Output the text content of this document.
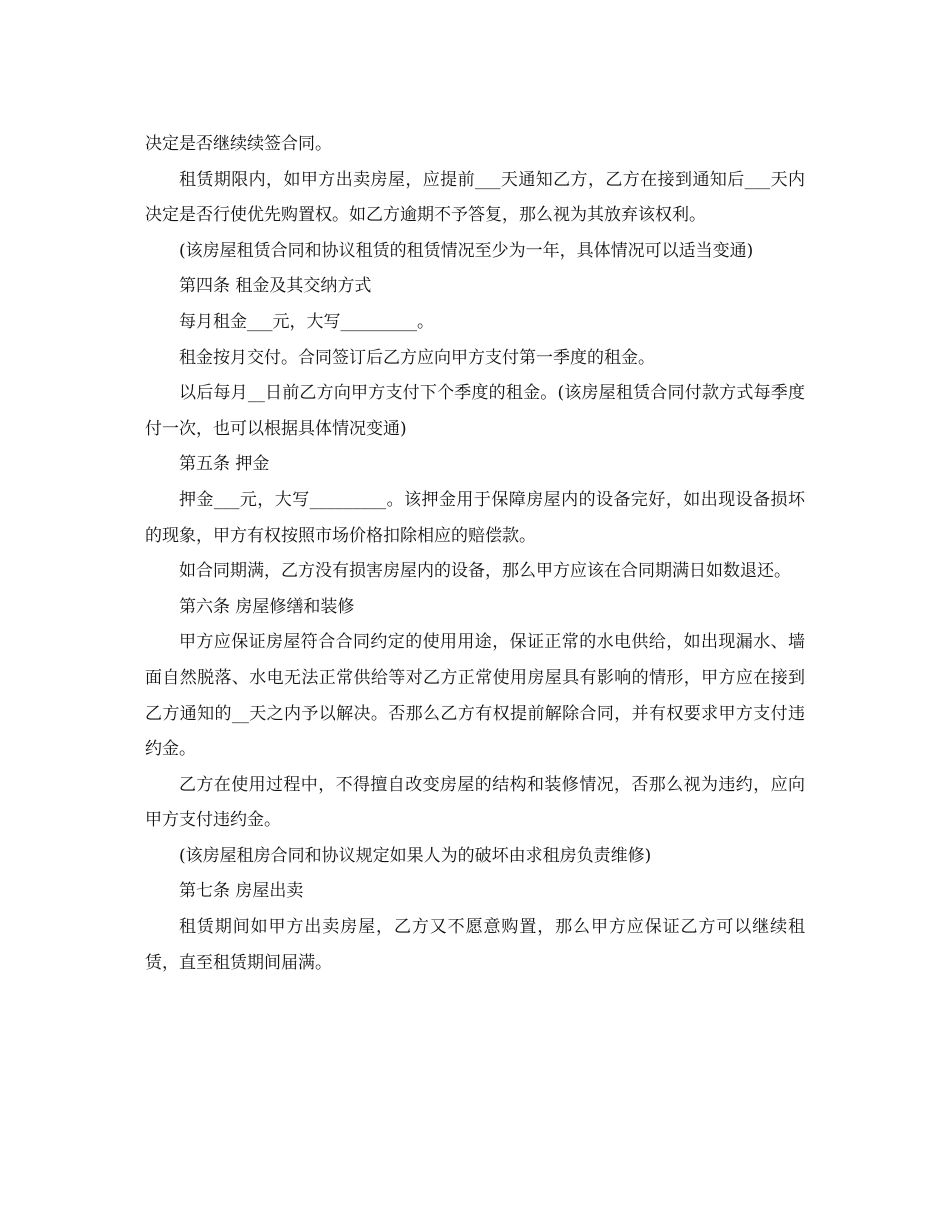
决定是否继续续签合同。

租赁期限内，如甲方出卖房屋，应提前___天通知乙方，乙方在接到通知后___天内决定是否行使优先购置权。如乙方逾期不予答复，那么视为其放弃该权利。

(该房屋租赁合同和协议租赁的租赁情况至少为一年，具体情况可以适当变通)

第四条 租金及其交纳方式

每月租金___元，大写_________。

租金按月交付。合同签订后乙方应向甲方支付第一季度的租金。

以后每月__日前乙方向甲方支付下个季度的租金。(该房屋租赁合同付款方式每季度付一次，也可以根据具体情况变通)

第五条 押金

押金___元，大写_________。该押金用于保障房屋内的设备完好，如出现设备损坏的现象，甲方有权按照市场价格扣除相应的赔偿款。

如合同期满，乙方没有损害房屋内的设备，那么甲方应该在合同期满日如数退还。

第六条 房屋修缮和装修

甲方应保证房屋符合合同约定的使用用途，保证正常的水电供给，如出现漏水、墙面自然脱落、水电无法正常供给等对乙方正常使用房屋具有影响的情形，甲方应在接到乙方通知的__天之内予以解决。否那么乙方有权提前解除合同，并有权要求甲方支付违约金。

乙方在使用过程中，不得擅自改变房屋的结构和装修情况，否那么视为违约，应向甲方支付违约金。

(该房屋租房合同和协议规定如果人为的破坏由求租房负责维修)

第七条 房屋出卖

租赁期间如甲方出卖房屋，乙方又不愿意购置，那么甲方应保证乙方可以继续租赁，直至租赁期间届满。
